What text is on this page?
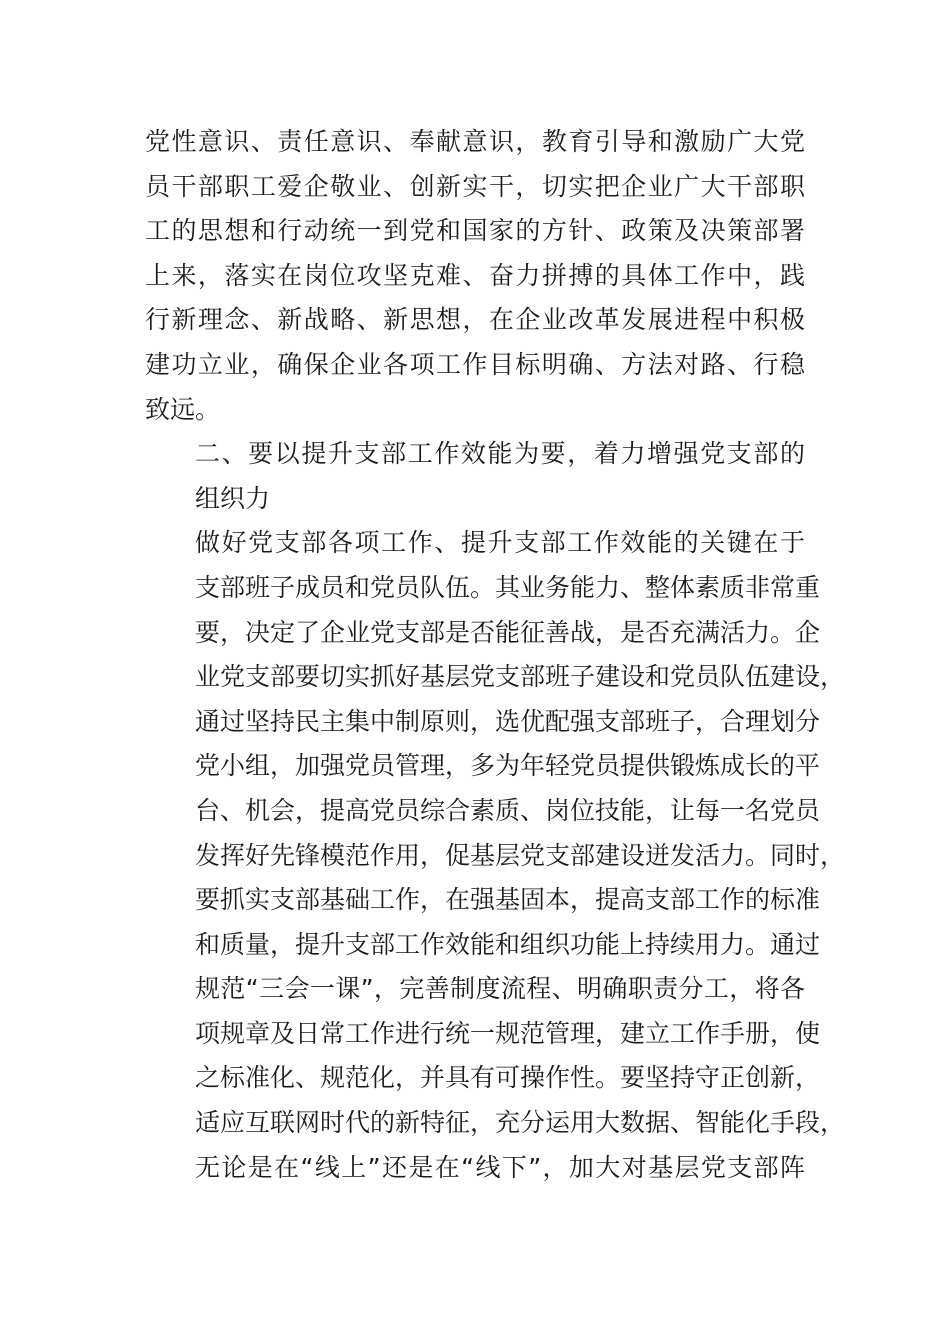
党性意识、责任意识、奉献意识，教育引导和激励广大党
员干部职工爱企敬业、创新实干，切实把企业广大干部职
工的思想和行动统一到党和国家的方针、政策及决策部署
上来，落实在岗位攻坚克难、奋力拼搏的具体工作中，践
行新理念、新战略、新思想，在企业改革发展进程中积极
建功立业，确保企业各项工作目标明确、方法对路、行稳
致远。
二、要以提升支部工作效能为要，着力增强党支部的
组织力
做好党支部各项工作、提升支部工作效能的关键在于
支部班子成员和党员队伍。其业务能力、整体素质非常重
要，决定了企业党支部是否能征善战，是否充满活力。企
业党支部要切实抓好基层党支部班子建设和党员队伍建设，
通过坚持民主集中制原则，选优配强支部班子，合理划分
党小组，加强党员管理，多为年轻党员提供锻炼成长的平
台、机会，提高党员综合素质、岗位技能，让每一名党员
发挥好先锋模范作用，促基层党支部建设迸发活力。同时，
要抓实支部基础工作，在强基固本，提高支部工作的标准
和质量，提升支部工作效能和组织功能上持续用力。通过
规范“三会一课”，完善制度流程、明确职责分工，将各
项规章及日常工作进行统一规范管理，建立工作手册，使
之标准化、规范化，并具有可操作性。要坚持守正创新，
适应互联网时代的新特征，充分运用大数据、智能化手段，
无论是在“线上”还是在“线下”，加大对基层党支部阵
